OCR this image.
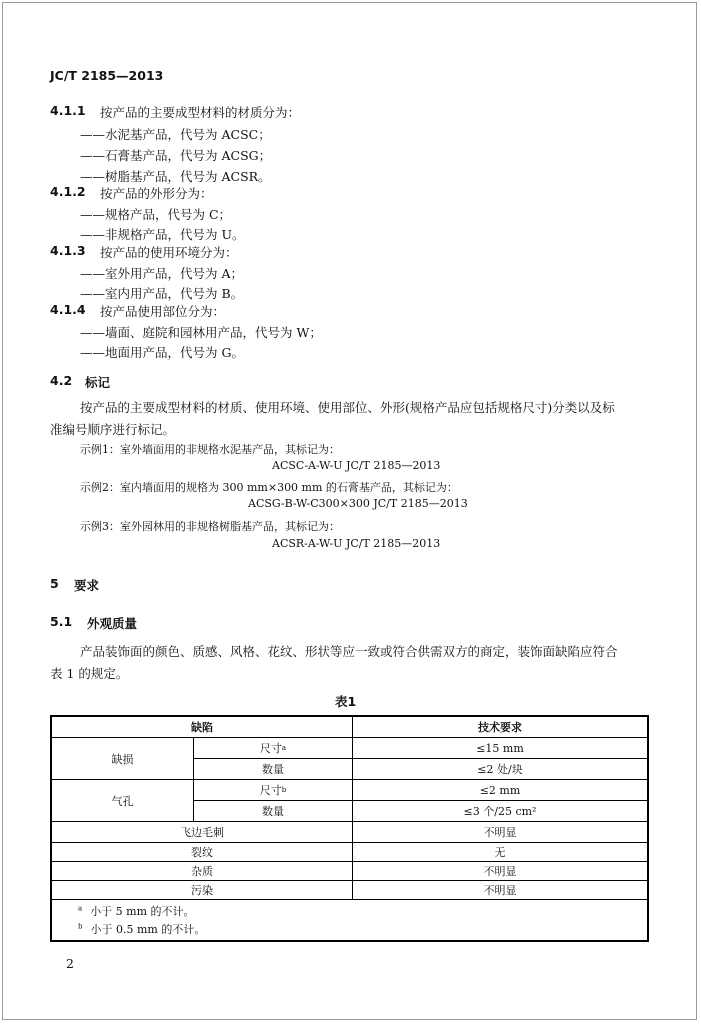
JC/T 2185—2013
4.1.1 按产品的主要成型材料的材质分为：
——水泥基产品，代号为 ACSC；
——石膏基产品，代号为 ACSG；
——树脂基产品，代号为 ACSR。
4.1.2 按产品的外形分为：
——规格产品，代号为 C；
——非规格产品，代号为 U。
4.1.3 按产品的使用环境分为：
——室外用产品，代号为 A；
——室内用产品，代号为 B。
4.1.4 按产品使用部位分为：
——墙面、庭院和园林用产品，代号为 W；
——地面用产品，代号为 G。
4.2 标记
按产品的主要成型材料的材质、使用环境、使用部位、外形(规格产品应包括规格尺寸)分类以及标
准编号顺序进行标记。
示例1：室外墙面用的非规格水泥基产品，其标记为：
ACSC-A-W-U JC/T 2185—2013
示例2：室内墙面用的规格为 300 mm×300 mm 的石膏基产品，其标记为：
ACSG-B-W-C300×300 JC/T 2185—2013
示例3：室外园林用的非规格树脂基产品，其标记为：
ACSR-A-W-U JC/T 2185—2013
5 要求
5.1 外观质量
产品装饰面的颜色、质感、风格、花纹、形状等应一致或符合供需双方的商定，装饰面缺陷应符合
表 1 的规定。
表1
缺陷	技术要求
缺损
尺寸 a	≤15 mm
数量	≤2 处/块
气孔
尺寸 b	≤2 mm
数量	≤3 个/25 cm²
飞边毛刺	不明显
裂纹	无
杂质	不明显
污染	不明显
$^a$ 小于 5 mm 的不计。
$^b$ 小于 0.5 mm 的不计。
2
